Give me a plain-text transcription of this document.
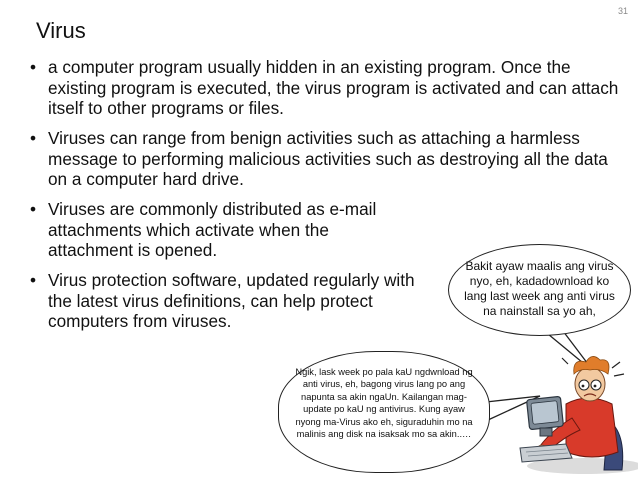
31
Virus
• a computer program usually hidden in an existing program. Once the existing program is executed, the virus program is activated and can attach itself to other programs or files.
• Viruses can range from benign activities such as attaching a harmless message to performing malicious activities such as destroying all the data on a computer hard drive.
• Viruses are commonly distributed as e-mail attachments which activate when the attachment is opened.
• Virus protection software, updated regularly with the latest virus definitions, can help protect computers from viruses.
Bakit ayaw maalis ang virus nyo, eh, kadadownload ko lang last week ang anti virus na nainstall sa yo ah,
Ngik, lask week po pala kaU ngdwnload ng anti virus, eh, bagong virus lang po ang napunta sa akin ngaUn. Kailangan mag-update po kaU ng antivirus. Kung ayaw nyong ma-Virus ako eh, siguraduhin mo na malinis ang disk na isaksak mo sa akin..…
